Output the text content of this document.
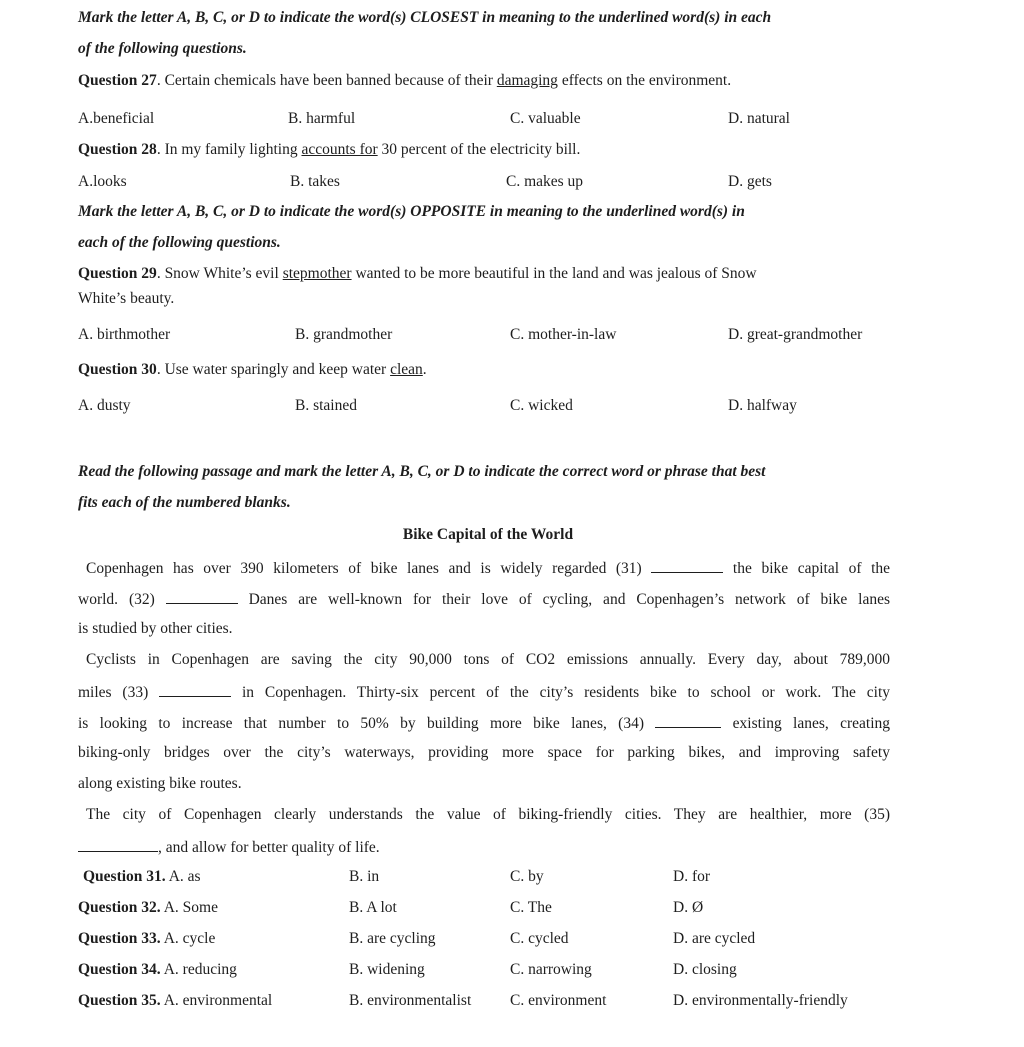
Mark the letter A, B, C, or D to indicate the word(s) CLOSEST in meaning to the underlined word(s) in each
of the following questions.
Question 27. Certain chemicals have been banned because of their damaging effects on the environment.
A.beneficial	B. harmful	C. valuable	D. natural
Question 28. In my family lighting accounts for 30 percent of the electricity bill.
A.looks	B. takes	C. makes up	D. gets
Mark the letter A, B, C, or D to indicate the word(s) OPPOSITE in meaning to the underlined word(s) in
each of the following questions.
Question 29. Snow White’s evil stepmother wanted to be more beautiful in the land and was jealous of Snow
White’s beauty.
A. birthmother	B. grandmother	C. mother-in-law	D. great-grandmother
Question 30. Use water sparingly and keep water clean.
A. dusty	B. stained	C. wicked	D. halfway
Read the following passage and mark the letter A, B, C, or D to indicate the correct word or phrase that best
fits each of the numbered blanks.
Bike Capital of the World
Copenhagen has over 390 kilometers of bike lanes and is widely regarded (31)	the bike capital of the
world. (32)	Danes are well-known for their love of cycling, and Copenhagen’s network of bike lanes
is studied by other cities.
Cyclists in Copenhagen are saving the city 90,000 tons of CO2 emissions annually. Every day, about 789,000
miles (33)	in Copenhagen. Thirty-six percent of the city’s residents bike to school or work. The city
is looking to increase that number to 50% by building more bike lanes, (34)	existing lanes, creating
biking-only bridges over the city’s waterways, providing more space for parking bikes, and improving safety
along existing bike routes.
The city of Copenhagen clearly understands the value of biking-friendly cities. They are healthier, more (35)
, and allow for better quality of life.
Question 31. A. as	B. in	C. by	D. for
Question 32. A. Some	B. A lot	C. The	D. Ø
Question 33. A. cycle	B. are cycling	C. cycled	D. are cycled
Question 34. A. reducing	B. widening	C. narrowing	D. closing
Question 35. A. environmental	B. environmentalist C. environment	D. environmentally-friendly
